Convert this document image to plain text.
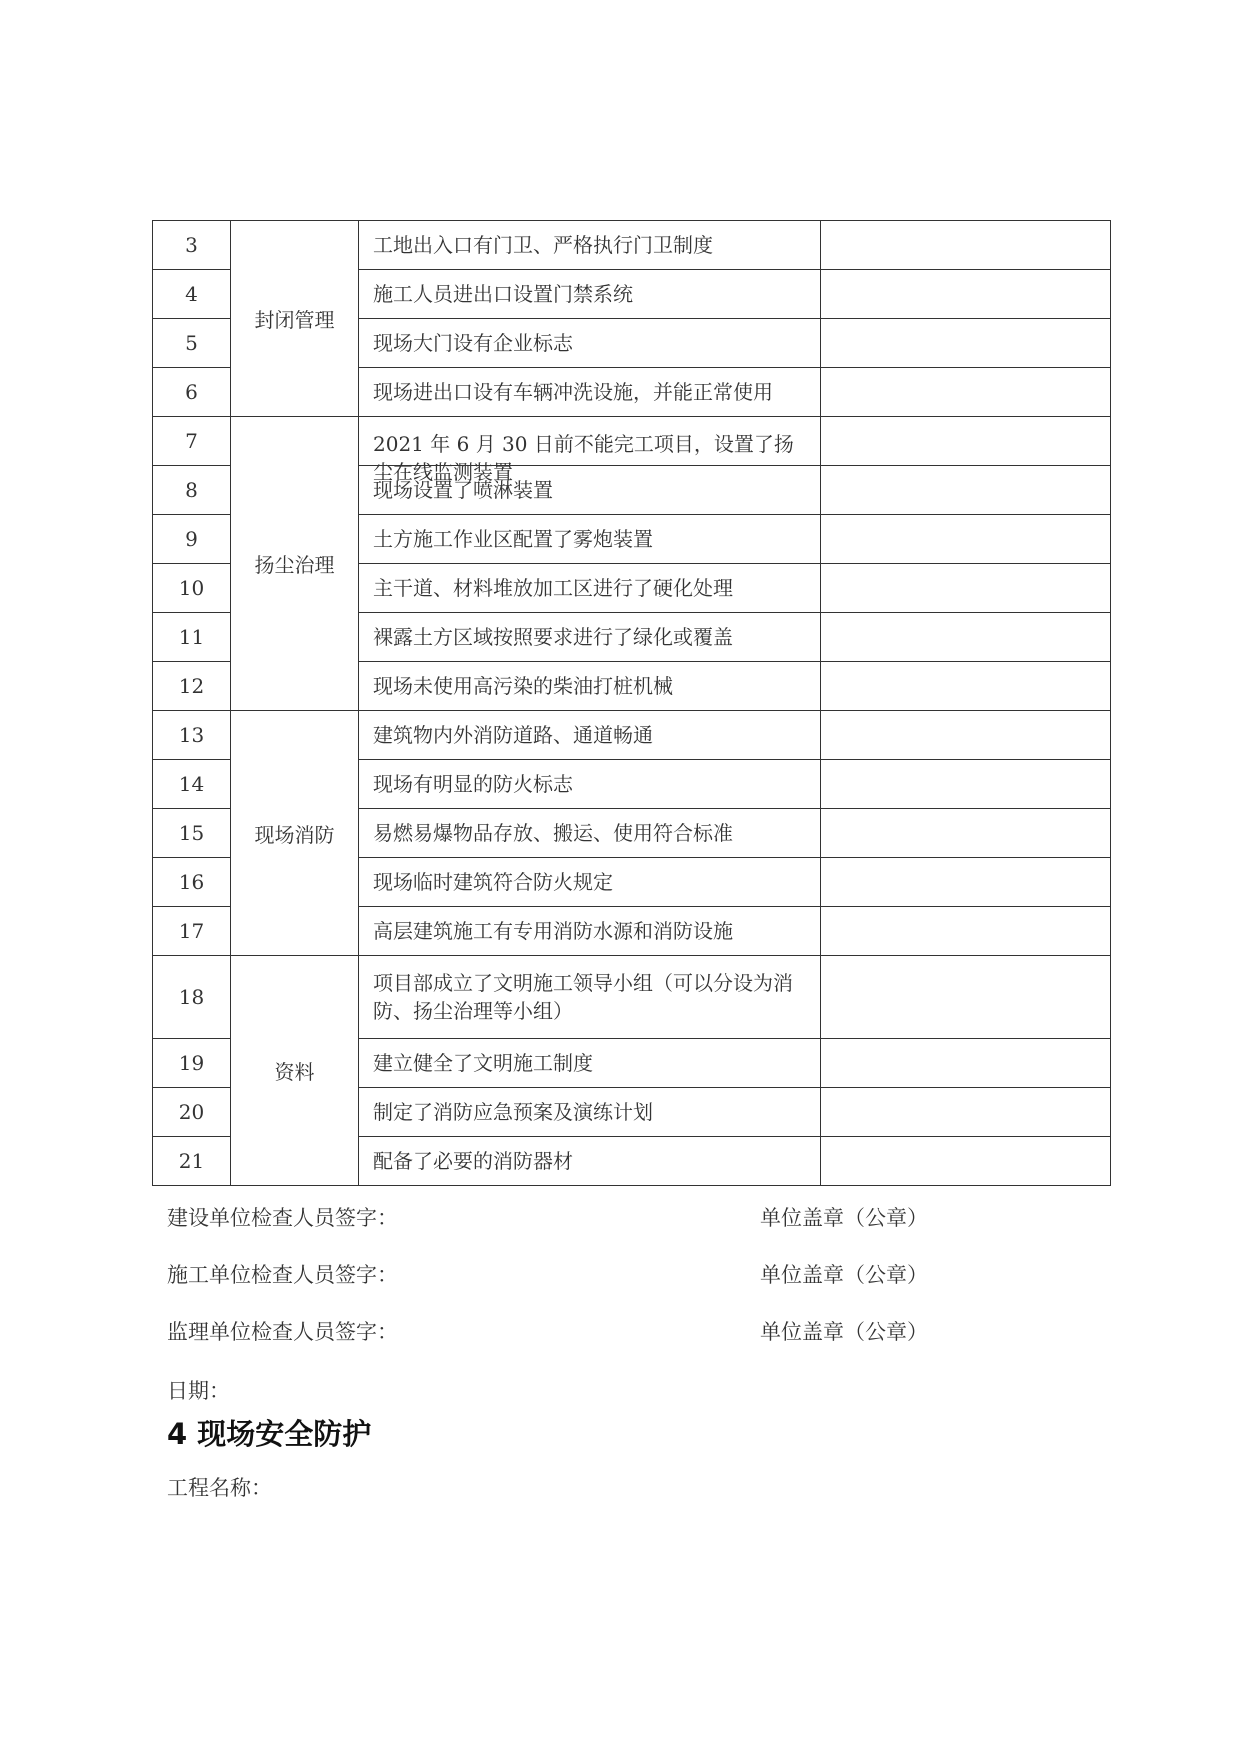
3	封闭管理	工地出入口有门卫、严格执行门卫制度	
4		施工人员进出口设置门禁系统	
5		现场大门设有企业标志	
6		现场进出口设有车辆冲洗设施，并能正常使用	
7	扬尘治理	2021 年 6 月 30 日前不能完工项目，设置了扬尘在线监测装置	

8		现场设置了喷淋装置	
9		土方施工作业区配置了雾炮装置	
10		主干道、材料堆放加工区进行了硬化处理	
11		裸露土方区域按照要求进行了绿化或覆盖	
12		现场未使用高污染的柴油打桩机械	
13	现场消防	建筑物内外消防道路、通道畅通	
14		现场有明显的防火标志	
15		易燃易爆物品存放、搬运、使用符合标准	
16		现场临时建筑符合防火规定	
17		高层建筑施工有专用消防水源和消防设施	
18	资料	项目部成立了文明施工领导小组（可以分设为消防、扬尘治理等小组）	
19		建立健全了文明施工制度	
20		制定了消防应急预案及演练计划	
21		配备了必要的消防器材	
建设单位检查人员签字：	单位盖章（公章）
施工单位检查人员签字：	单位盖章（公章）
监理单位检查人员签字：	单位盖章（公章）
日期：
4 现场安全防护
工程名称：
